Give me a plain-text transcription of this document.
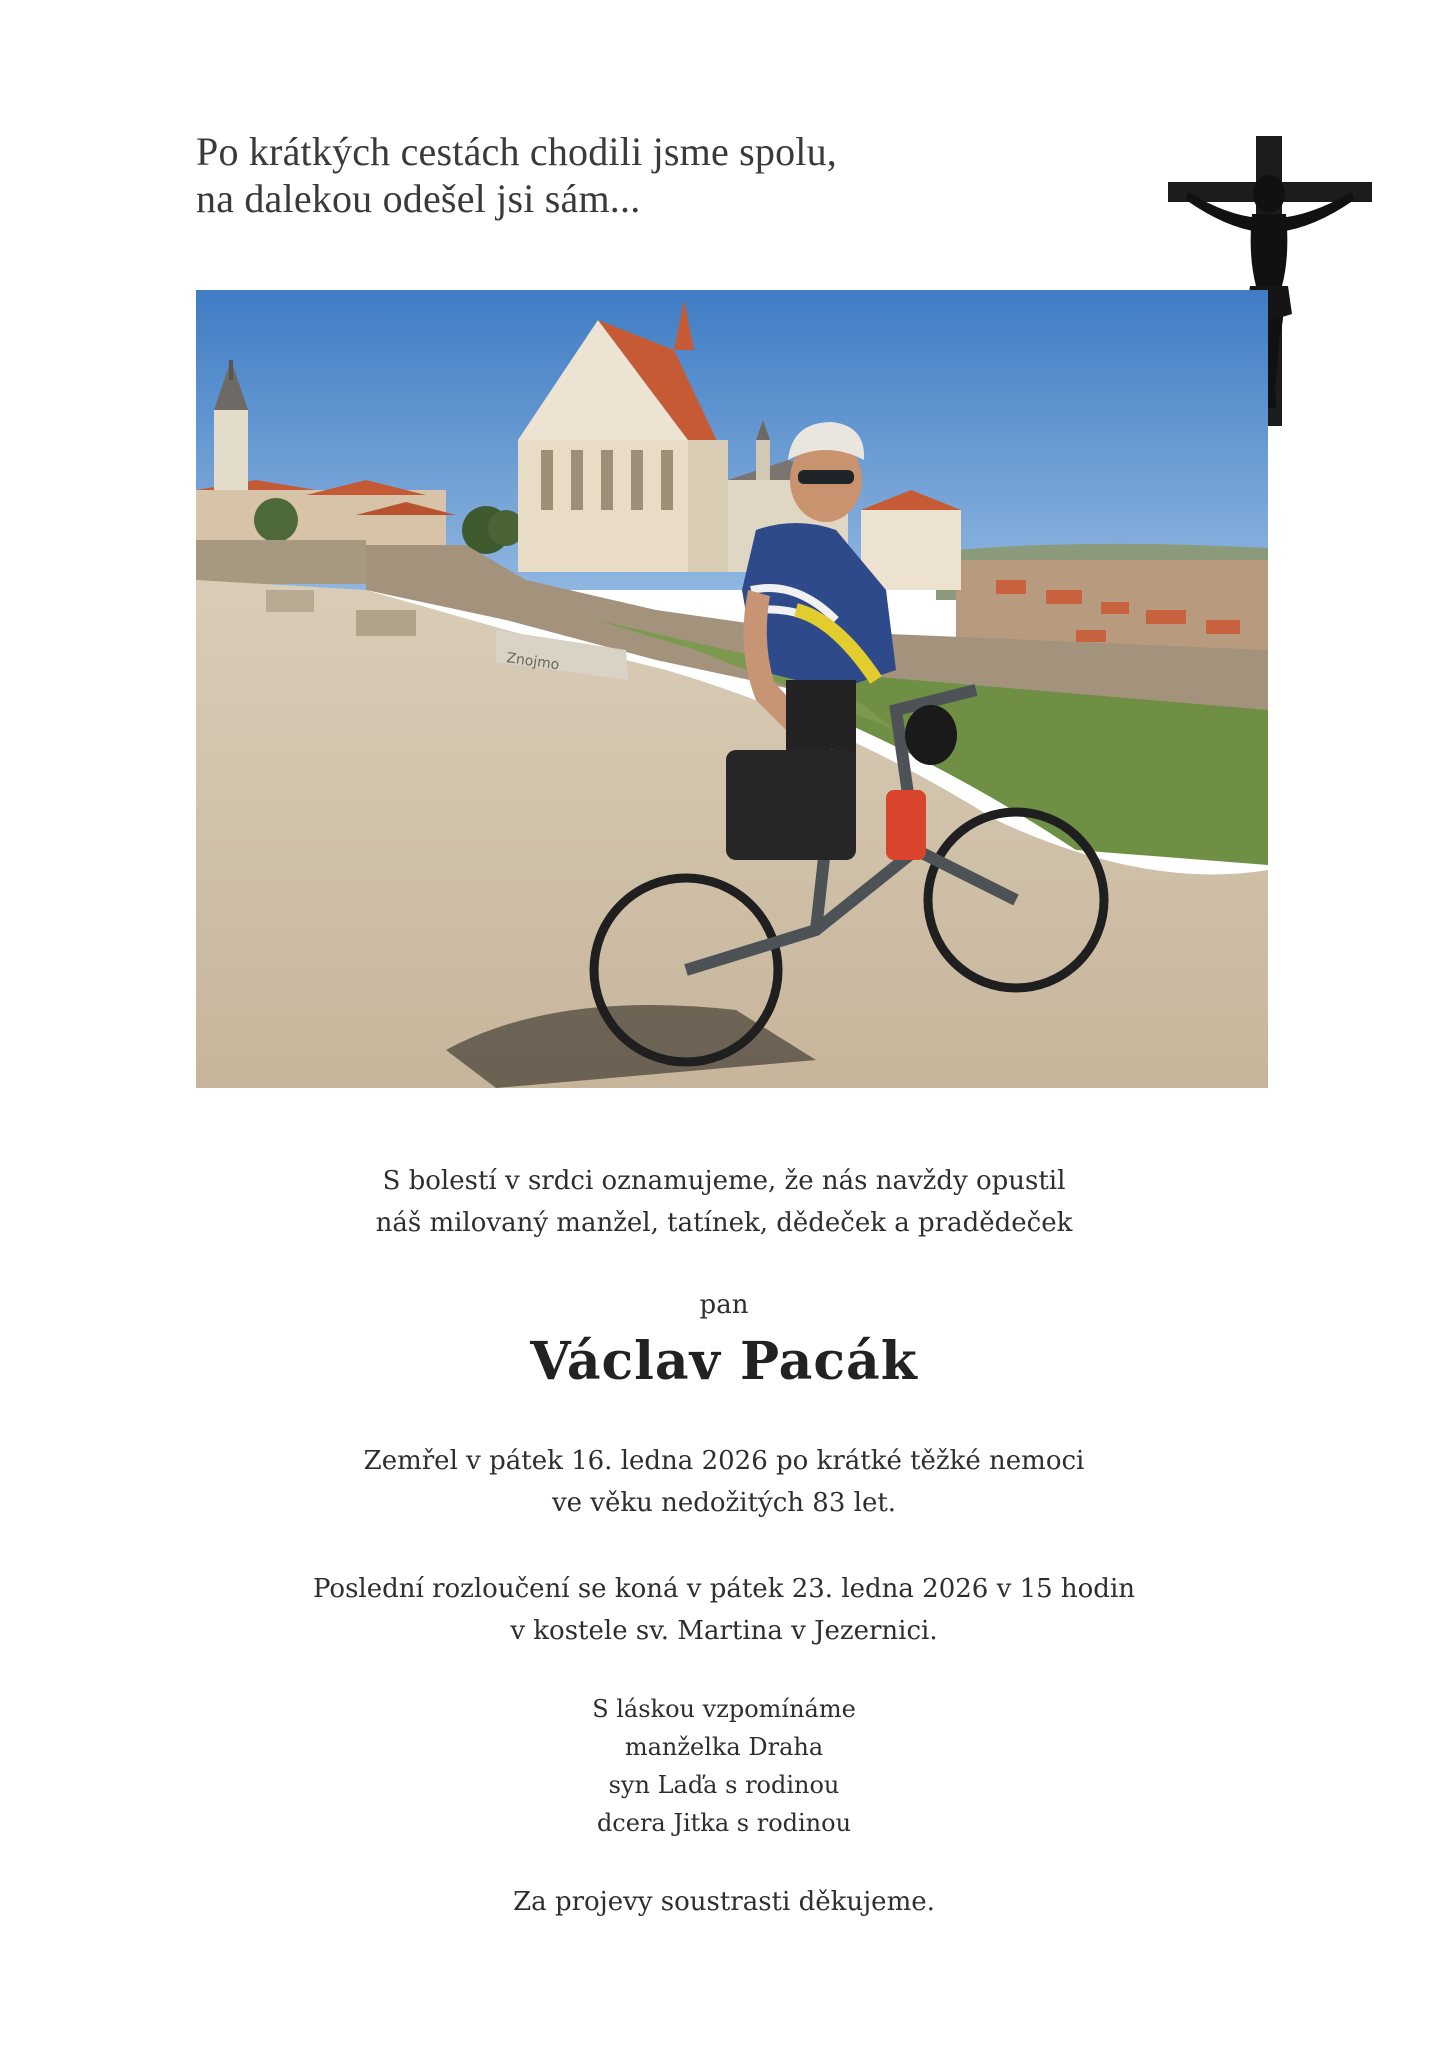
Po krátkých cestách chodili jsme spolu,
na dalekou odešel jsi sám...
Znojmo
S bolestí v srdci oznamujeme, že nás navždy opustil
náš milovaný manžel, tatínek, dědeček a pradědeček
pan
Václav Pacák
Zemřel v pátek 16. ledna 2026 po krátké těžké nemoci
ve věku nedožitých 83 let.
Poslední rozloučení se koná v pátek 23. ledna 2026 v 15 hodin
v kostele sv. Martina v Jezernici.
S láskou vzpomínáme
manželka Draha
syn Laďa s rodinou
dcera Jitka s rodinou
Za projevy soustrasti děkujeme.
